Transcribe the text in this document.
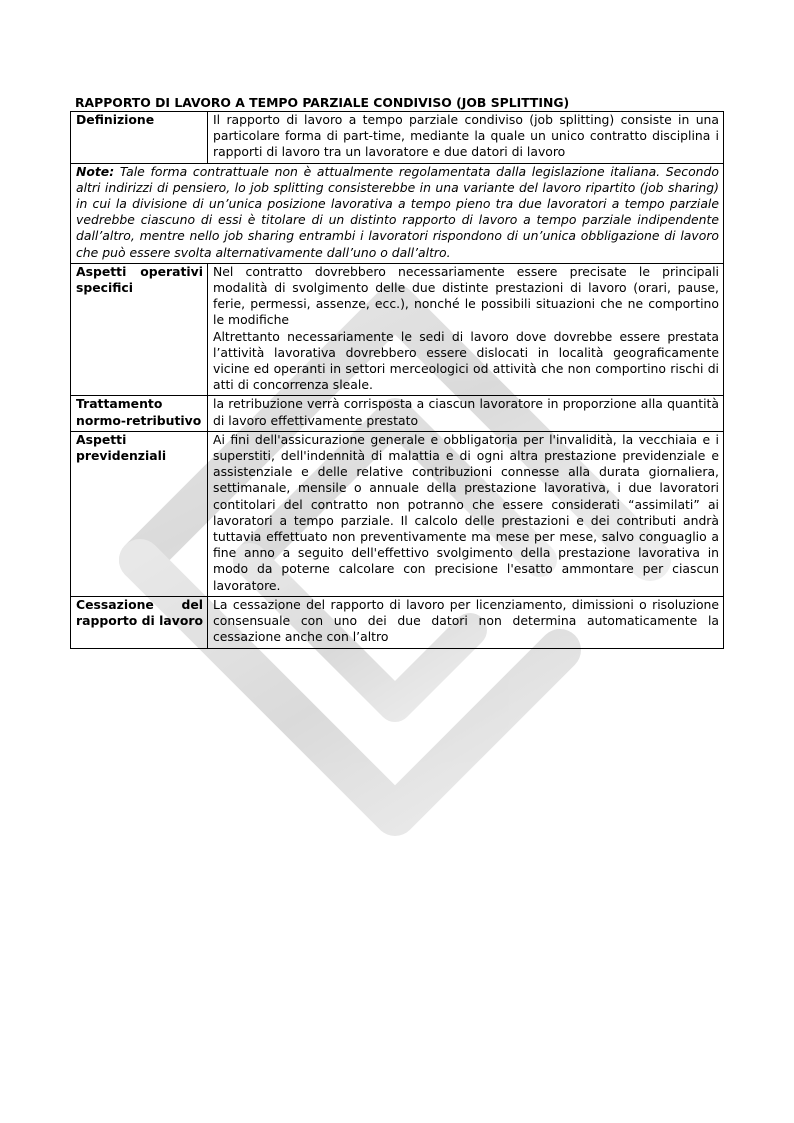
RAPPORTO DI LAVORO A TEMPO PARZIALE CONDIVISO (JOB SPLITTING)
Definizione	Il rapporto di lavoro a tempo parziale condiviso (job splitting) consiste in una particolare forma di part-time, mediante la quale un unico contratto disciplina i rapporti di lavoro tra un lavoratore e due datori di lavoro
Note: Tale forma contrattuale non è attualmente regolamentata dalla legislazione italiana. Secondo altri indirizzi di pensiero, lo job splitting consisterebbe in una variante del lavoro ripartito (job sharing) in cui la divisione di un’unica posizione lavorativa a tempo pieno tra due lavoratori a tempo parziale vedrebbe ciascuno di essi è titolare di un distinto rapporto di lavoro a tempo parziale indipendente dall’altro, mentre nello job sharing entrambi i lavoratori rispondono di un’unica obbligazione di lavoro che può essere svolta alternativamente dall’uno o dall’altro.	
Aspetti operativi specifici	Nel contratto dovrebbero necessariamente essere precisate le principali modalità di svolgimento delle due distinte prestazioni di lavoro (orari, pause, ferie, permessi, assenze, ecc.), nonché le possibili situazioni che ne comportino le modifiche
Altrettanto necessariamente le sedi di lavoro dove dovrebbe essere prestata l’attività lavorativa dovrebbero essere dislocati in località geograficamente vicine ed operanti in settori merceologici od attività che non comportino rischi di atti di concorrenza sleale.

Trattamento normo-retributivo	la retribuzione verrà corrisposta a ciascun lavoratore in proporzione alla quantità di lavoro effettivamente prestato
Aspetti previdenziali	Ai fini dell'assicurazione generale e obbligatoria per l'invalidità, la vecchiaia e i superstiti, dell'indennità di malattia e di ogni altra prestazione previdenziale e assistenziale e delle relative contribuzioni connesse alla durata giornaliera, settimanale, mensile o annuale della prestazione lavorativa, i due lavoratori contitolari del contratto non potranno che essere considerati “assimilati” ai lavoratori a tempo parziale. Il calcolo delle prestazioni e dei contributi andrà tuttavia effettuato non preventivamente ma mese per mese, salvo conguaglio a fine anno a seguito dell'effettivo svolgimento della prestazione lavorativa in modo da poterne calcolare con precisione l'esatto ammontare per ciascun lavoratore.
Cessazione del rapporto di lavoro	La cessazione del rapporto di lavoro per licenziamento, dimissioni o risoluzione consensuale con uno dei due datori non determina automaticamente la cessazione anche con l’altro
